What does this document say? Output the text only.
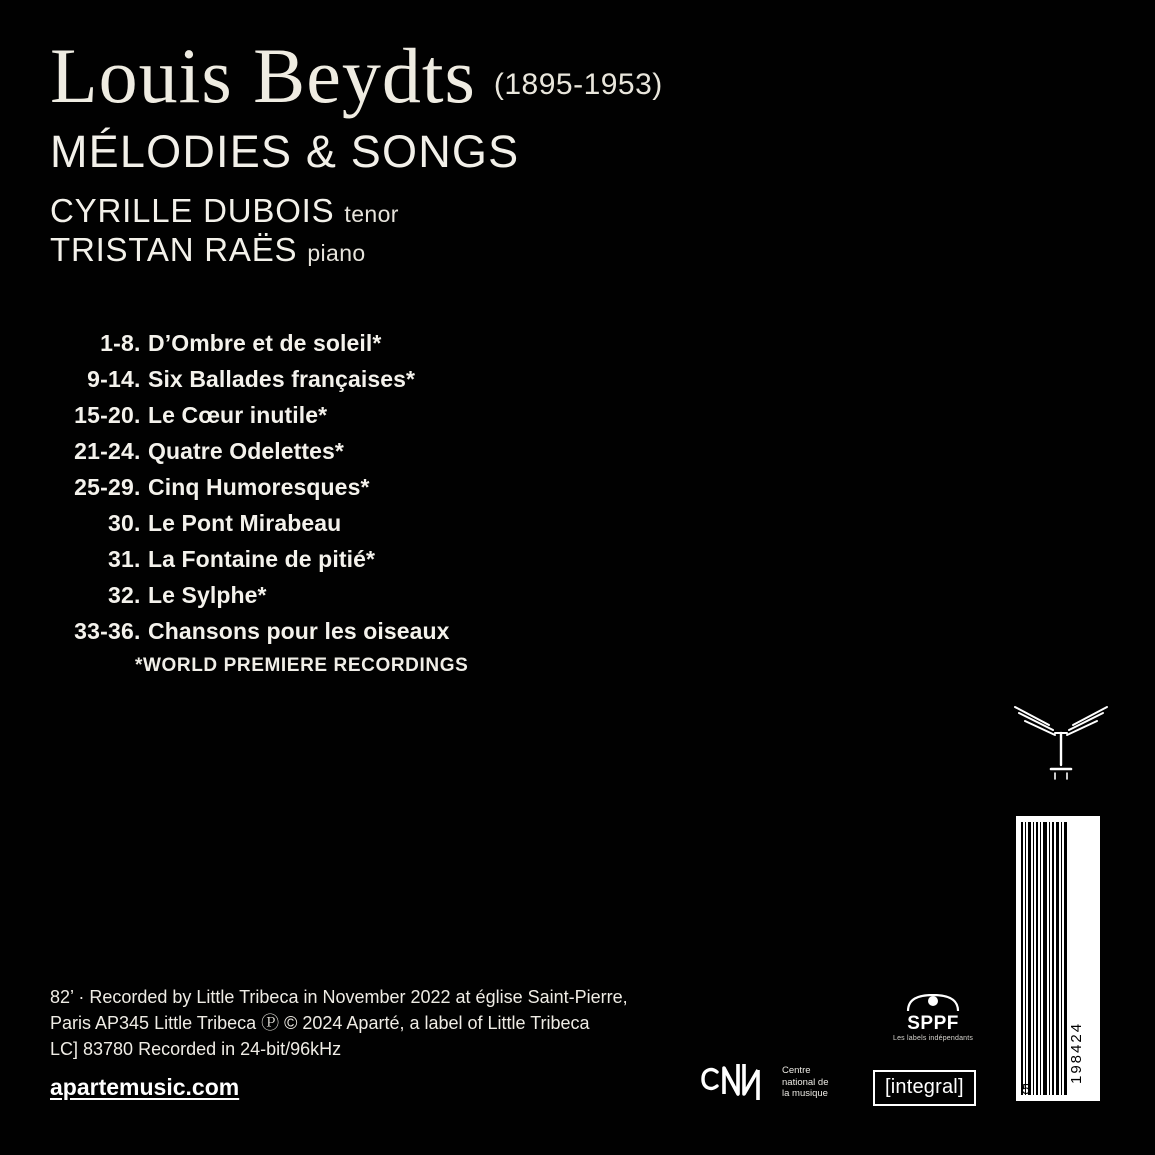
Louis Beydts (1895-1953)
MÉLODIES & SONGS
CYRILLE DUBOIS tenor
TRISTAN RAËS piano
1-8 . D’Ombre et de soleil*
9-14 . Six Ballades françaises*
15-20 . Le Cœur inutile*
21-24 . Quatre Odelettes*
25-29 . Cinq Humoresques*
30 . Le Pont Mirabeau
31 . La Fontaine de pitié*
32 . Le Sylphe*
33-36 . Chansons pour les oiseaux
*WORLD PREMIERE RECORDINGS
198424
5
82’ · Recorded by Little Tribeca in November 2022 at église Saint-Pierre,
Paris AP345 Little Tribeca Ⓟ © 2024 Aparté, a label of Little Tribeca
LC] 83780 Recorded in 24-bit/96kHz
apartemusic.com
Centre
national de
la musique
SPPF
Les labels indépendants
[integral]
